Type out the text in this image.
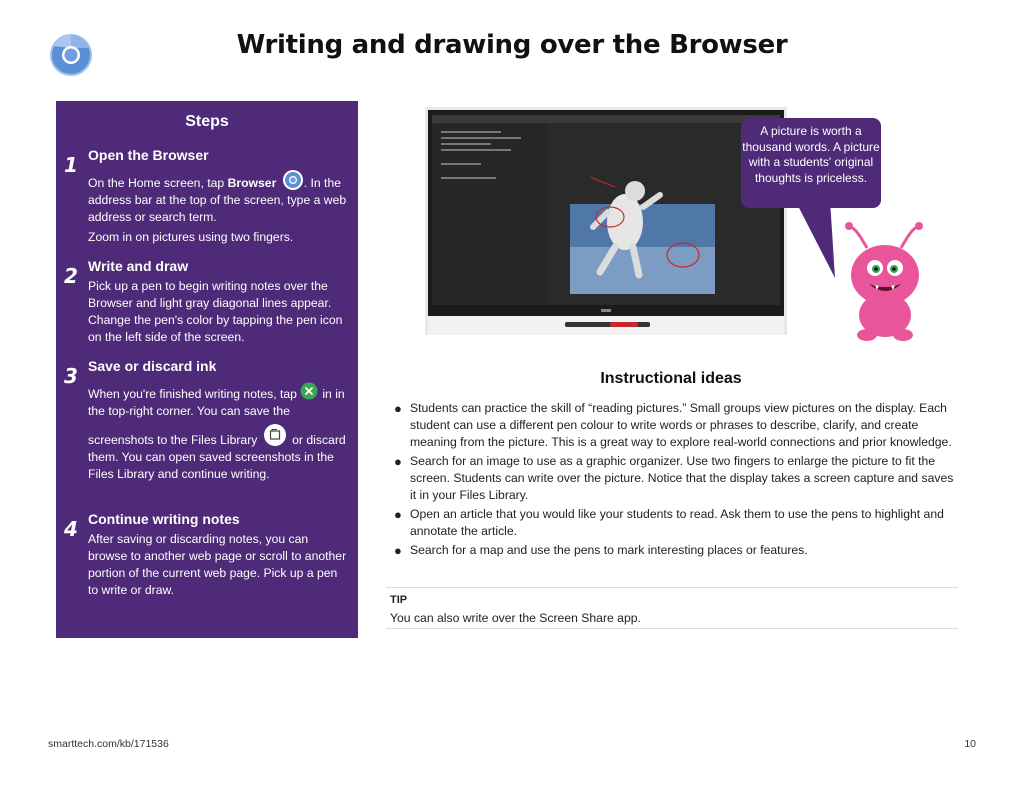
Writing and drawing over the Browser
Steps
1 Open the Browser
On the Home screen, tap Browser . In the address bar at the top of the screen, type a web address or search term.
Zoom in on pictures using two fingers.
2 Write and draw
Pick up a pen to begin writing notes over the Browser and light gray diagonal lines appear. Change the pen's color by tapping the pen icon on the left side of the screen.
3 Save or discard ink
When you're finished writing notes, tap in in the top-right corner. You can save the
screenshots to the Files Library	or discard them. You can open saved screenshots in the Files Library and continue writing.
4 Continue writing notes
After saving or discarding notes, you can browse to another web page or scroll to another portion of the current web page. Pick up a pen to write or draw.
A picture is worth a thousand words. A picture with a students' original thoughts is priceless.
Instructional ideas
● Students can practice the skill of “reading pictures.” Small groups view pictures on the display. Each student can use a different pen colour to write words or phrases to describe, clarify, and create meaning from the picture. This is a great way to explore real-world connections and prior knowledge.
● Search for an image to use as a graphic organizer. Use two fingers to enlarge the picture to fit the screen. Students can write over the picture. Notice that the display takes a screen capture and saves it in your Files Library.
● Open an article that you would like your students to read. Ask them to use the pens to highlight and annotate the article.
● Search for a map and use the pens to mark interesting places or features.
TIP
You can also write over the Screen Share app.
smarttech.com/kb/171536	10
